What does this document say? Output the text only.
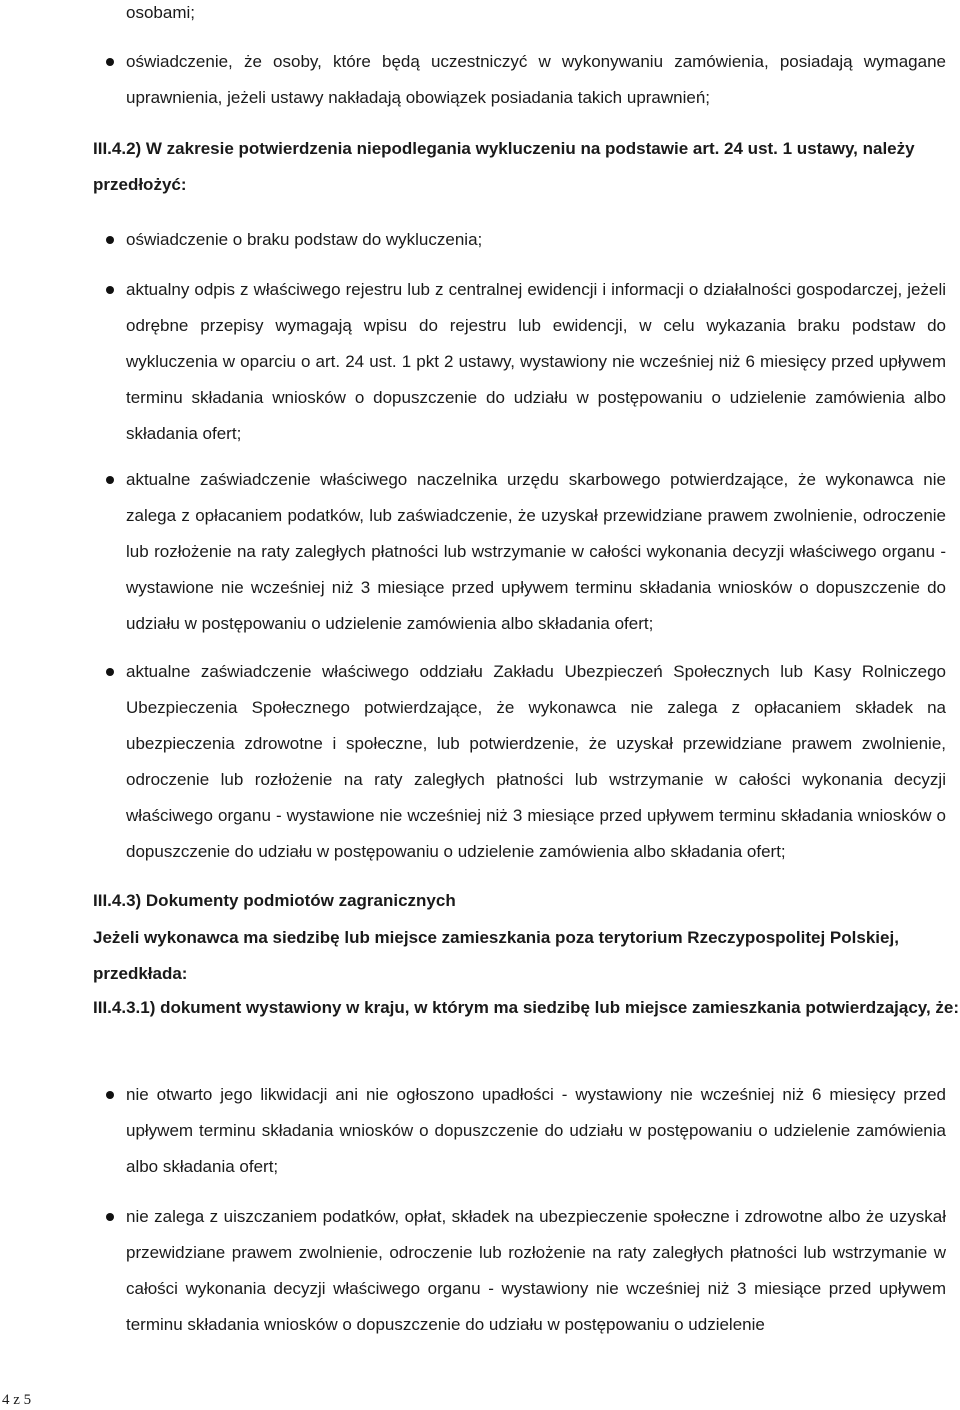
osobami;

oświadczenie, że osoby, które będą uczestniczyć w wykonywaniu zamówienia, posiadają wymagane uprawnienia, jeżeli ustawy nakładają obowiązek posiadania takich uprawnień;

III.4.2) W zakresie potwierdzenia niepodlegania wykluczeniu na podstawie art. 24 ust. 1 ustawy, należy przedłożyć:

oświadczenie o braku podstaw do wykluczenia;

aktualny odpis z właściwego rejestru lub z centralnej ewidencji i informacji o działalności gospodarczej, jeżeli odrębne przepisy wymagają wpisu do rejestru lub ewidencji, w celu wykazania braku podstaw do wykluczenia w oparciu o art. 24 ust. 1 pkt 2 ustawy, wystawiony nie wcześniej niż 6 miesięcy przed upływem terminu składania wniosków o dopuszczenie do udziału w postępowaniu o udzielenie zamówienia albo składania ofert;

aktualne zaświadczenie właściwego naczelnika urzędu skarbowego potwierdzające, że wykonawca nie zalega z opłacaniem podatków, lub zaświadczenie, że uzyskał przewidziane prawem zwolnienie, odroczenie lub rozłożenie na raty zaległych płatności lub wstrzymanie w całości wykonania decyzji właściwego organu - wystawione nie wcześniej niż 3 miesiące przed upływem terminu składania wniosków o dopuszczenie do udziału w postępowaniu o udzielenie zamówienia albo składania ofert;

aktualne zaświadczenie właściwego oddziału Zakładu Ubezpieczeń Społecznych lub Kasy Rolniczego Ubezpieczenia Społecznego potwierdzające, że wykonawca nie zalega z opłacaniem składek na ubezpieczenia zdrowotne i społeczne, lub potwierdzenie, że uzyskał przewidziane prawem zwolnienie, odroczenie lub rozłożenie na raty zaległych płatności lub wstrzymanie w całości wykonania decyzji właściwego organu - wystawione nie wcześniej niż 3 miesiące przed upływem terminu składania wniosków o dopuszczenie do udziału w postępowaniu o udzielenie zamówienia albo składania ofert;

III.4.3) Dokumenty podmiotów zagranicznych

Jeżeli wykonawca ma siedzibę lub miejsce zamieszkania poza terytorium Rzeczypospolitej Polskiej, przedkłada:

III.4.3.1) dokument wystawiony w kraju, w którym ma siedzibę lub miejsce zamieszkania potwierdzający, że:

nie otwarto jego likwidacji ani nie ogłoszono upadłości - wystawiony nie wcześniej niż 6 miesięcy przed upływem terminu składania wniosków o dopuszczenie do udziału w postępowaniu o udzielenie zamówienia albo składania ofert;

nie zalega z uiszczaniem podatków, opłat, składek na ubezpieczenie społeczne i zdrowotne albo że uzyskał przewidziane prawem zwolnienie, odroczenie lub rozłożenie na raty zaległych płatności lub wstrzymanie w całości wykonania decyzji właściwego organu - wystawiony nie wcześniej niż 3 miesiące przed upływem terminu składania wniosków o dopuszczenie do udziału w postępowaniu o udzielenie

4 z 5
